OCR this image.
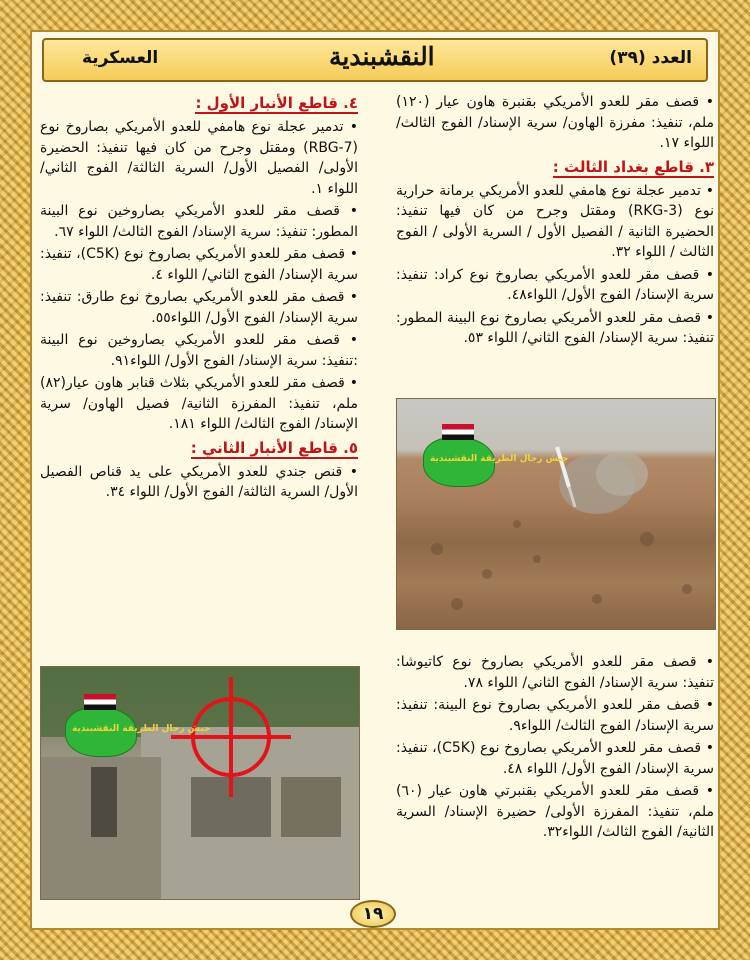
العسكرية	النقشبندية	العدد (٣٩)

• قصف مقر للعدو الأمريكي بقنبرة هاون عيار (١٢٠) ملم، تنفيذ: مفرزة الهاون/ سرية الإسناد/ الفوج الثالث/ اللواء ١٧.

٣. قاطع بغداد الثالث :

• تدمير عجلة نوع هامفي للعدو الأمريكي برمانة حرارية نوع (RKG-3) ومقتل وجرح من كان فيها تنفيذ: الحضيرة الثانية / الفصيل الأول / السرية الأولى / الفوج الثالث / اللواء ٣٢.

• قصف مقر للعدو الأمريكي بصاروخ نوع كراد: تنفيذ: سرية الإسناد/ الفوج الأول/ اللواء٤٨.

• قصف مقر للعدو الأمريكي بصاروخ نوع البينة المطور: تنفيذ: سرية الإسناد/ الفوج الثاني/ اللواء ٥٣.

جيش رجال الطريقة النقشبندية

• قصف مقر للعدو الأمريكي بصاروخ نوع كاتيوشا: تنفيذ: سرية الإسناد/ الفوج الثاني/ اللواء ٧٨.

• قصف مقر للعدو الأمريكي بصاروخ نوع البينة: تنفيذ: سرية الإسناد/ الفوج الثالث/ اللواء٩.

• قصف مقر للعدو الأمريكي بصاروخ نوع (C5K)، تنفيذ: سرية الإسناد/ الفوج الأول/ اللواء ٤٨.

• قصف مقر للعدو الأمريكي بقنبرتي هاون عيار (٦٠) ملم، تنفيذ: المفرزة الأولى/ حضيرة الإسناد/ السرية الثانية/ الفوج الثالث/ اللواء٣٢.

٤. قاطع الأنبار الأول :

• تدمير عجلة نوع هامفي للعدو الأمريكي بصاروخ نوع (RBG-7) ومقتل وجرح من كان فيها تنفيذ: الحضيرة الأولى/ الفصيل الأول/ السرية الثالثة/ الفوج الثاني/ اللواء ١.

• قصف مقر للعدو الأمريكي بصاروخين نوع البينة المطور: تنفيذ: سرية الإسناد/ الفوج الثالث/ اللواء ٦٧.

• قصف مقر للعدو الأمريكي بصاروخ نوع (C5K)، تنفيذ: سرية الإسناد/ الفوج الثاني/ اللواء ٤.

• قصف مقر للعدو الأمريكي بصاروخ نوع طارق: تنفيذ: سرية الإسناد/ الفوج الأول/ اللواء٥٥.

• قصف مقر للعدو الأمريكي بصاروخين نوع البينة :تنفيذ: سرية الإسناد/ الفوج الأول/ اللواء٩١.

• قصف مقر للعدو الأمريكي بثلاث قنابر هاون عيار(٨٢) ملم، تنفيذ: المفرزة الثانية/ فصيل الهاون/ سرية الإسناد/ الفوج الثالث/ اللواء ١٨١.

٥. قاطع الأنبار الثاني :

• قنص جندي للعدو الأمريكي على يد قناص الفصيل الأول/ السرية الثالثة/ الفوج الأول/ اللواء ٣٤.

جيش رجال الطريقة النقشبندية
١٩
